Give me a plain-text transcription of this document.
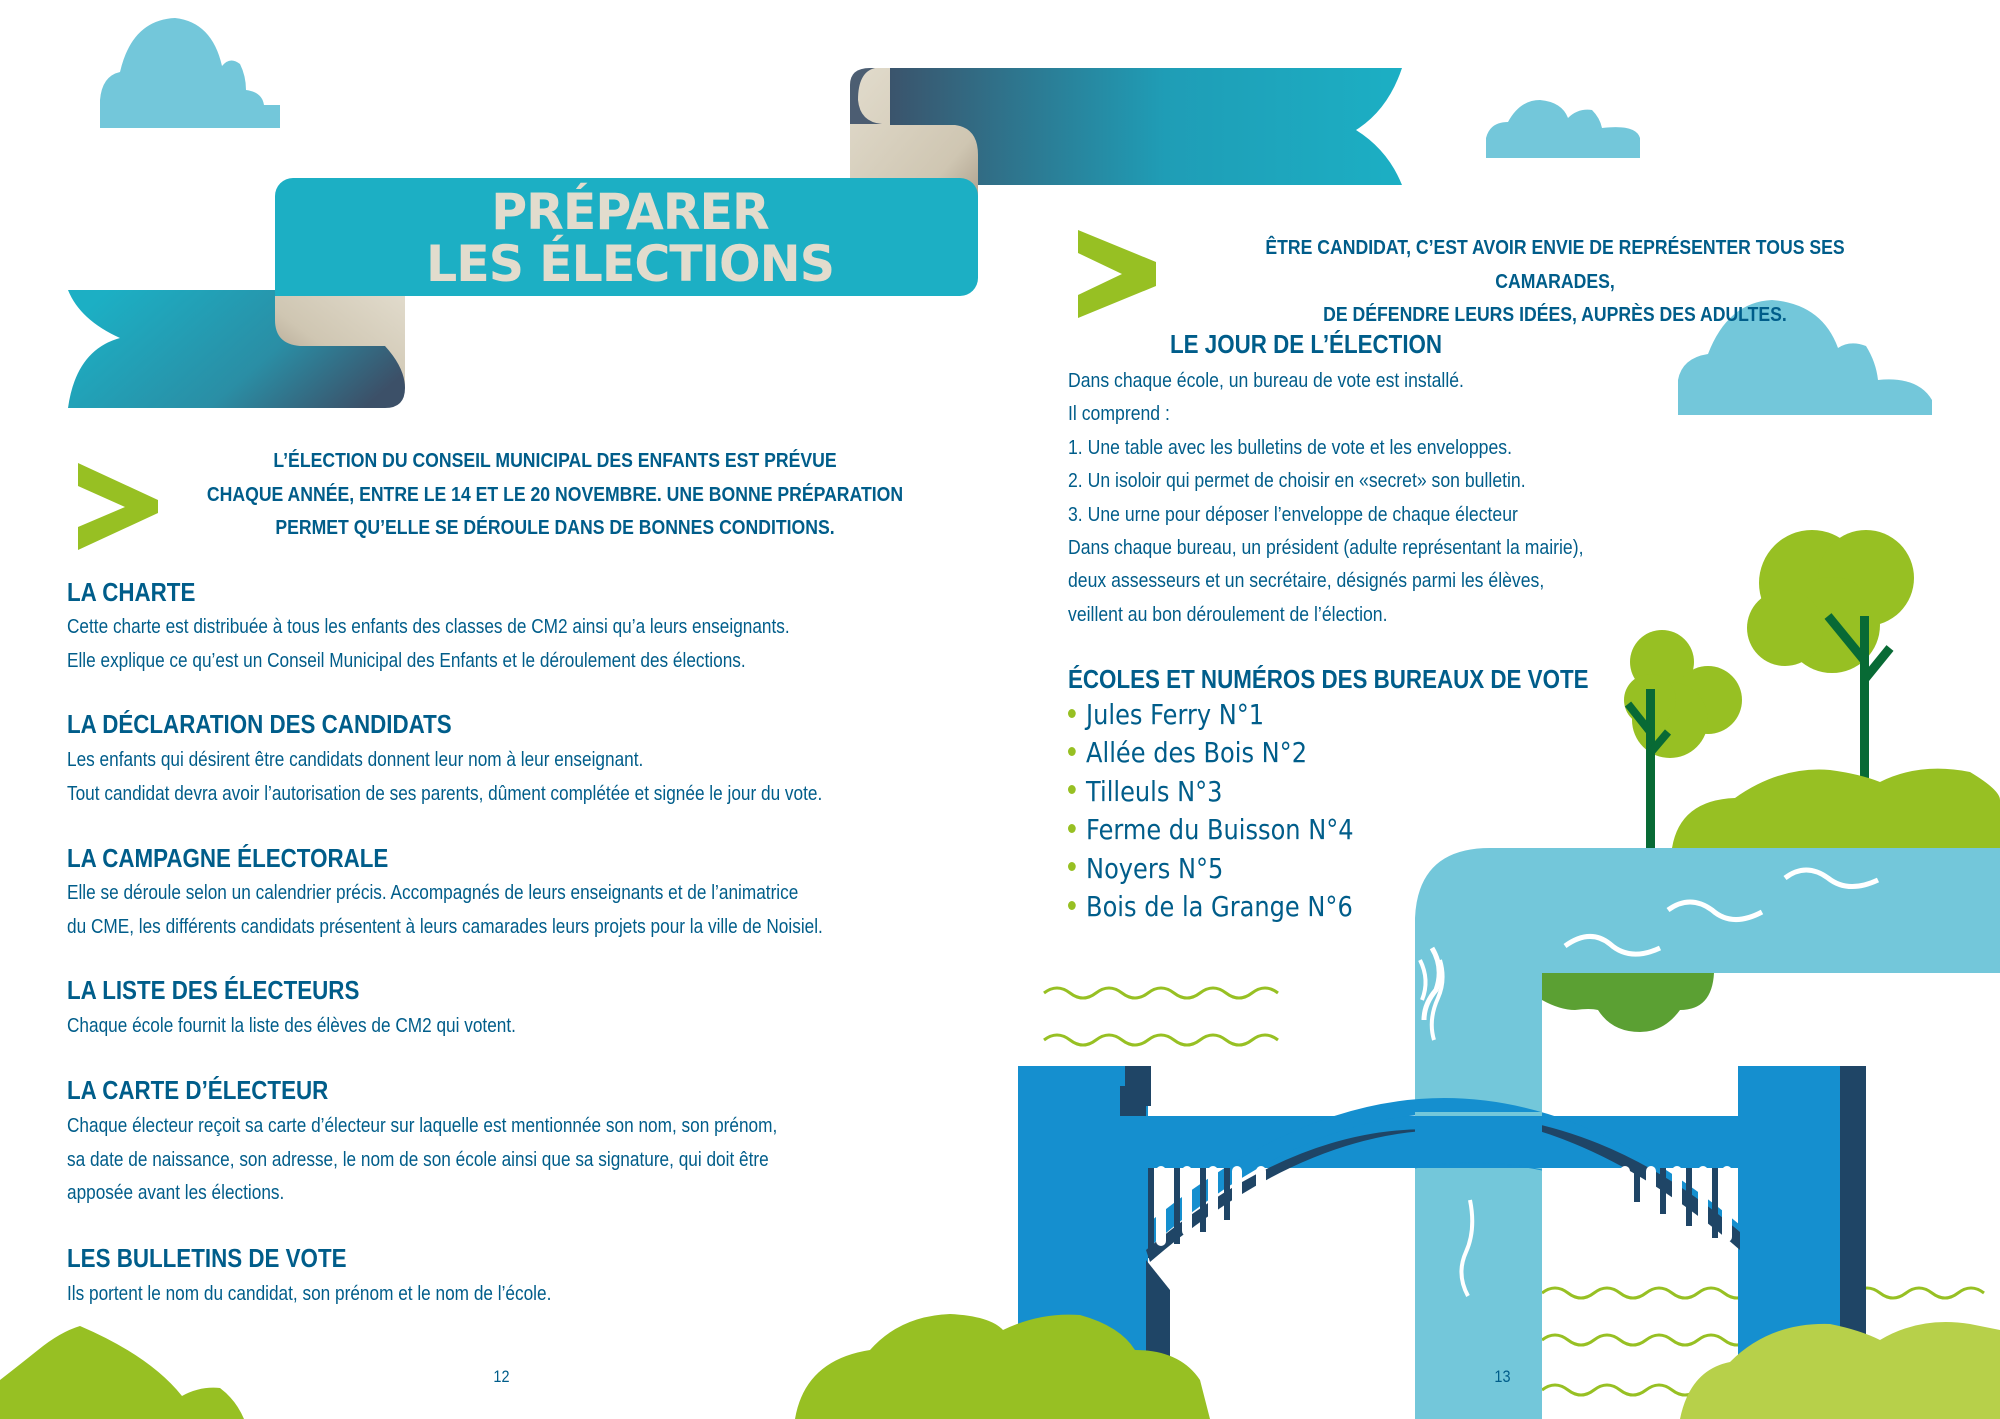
PRÉPARER
LES ÉLECTIONS
L’ÉLECTION DU CONSEIL MUNICIPAL DES ENFANTS EST PRÉVUE
CHAQUE ANNÉE, ENTRE LE 14 ET LE 20 NOVEMBRE. UNE BONNE PRÉPARATION
PERMET QU’ELLE SE DÉROULE DANS DE BONNES CONDITIONS.
LA CHARTE
Cette charte est distribuée à tous les enfants des classes de CM2 ainsi qu’a leurs enseignants.
Elle explique ce qu’est un Conseil Municipal des Enfants et le déroulement des élections.
LA DÉCLARATION DES CANDIDATS
Les enfants qui désirent être candidats donnent leur nom à leur enseignant.
Tout candidat devra avoir l’autorisation de ses parents, dûment complétée et signée le jour du vote.
LA CAMPAGNE ÉLECTORALE
Elle se déroule selon un calendrier précis. Accompagnés de leurs enseignants et de l’animatrice
du CME, les différents candidats présentent à leurs camarades leurs projets pour la ville de Noisiel.
LA LISTE DES ÉLECTEURS
Chaque école fournit la liste des élèves de CM2 qui votent.
LA CARTE D’ÉLECTEUR
Chaque électeur reçoit sa carte d’électeur sur laquelle est mentionnée son nom, son prénom,
sa date de naissance, son adresse, le nom de son école ainsi que sa signature, qui doit être
apposée avant les élections.
LES BULLETINS DE VOTE
Ils portent le nom du candidat, son prénom et le nom de l’école.
12
ÊTRE CANDIDAT, C’EST AVOIR ENVIE DE REPRÉSENTER TOUS SES CAMARADES,
DE DÉFENDRE LEURS IDÉES, AUPRÈS DES ADULTES.
LE JOUR DE L’ÉLECTION
Dans chaque école, un bureau de vote est installé.
Il comprend :
1. Une table avec les bulletins de vote et les enveloppes.
2. Un isoloir qui permet de choisir en «secret» son bulletin.
3. Une urne pour déposer l’enveloppe de chaque électeur
Dans chaque bureau, un président (adulte représentant la mairie),
deux assesseurs et un secrétaire, désignés parmi les élèves,
veillent au bon déroulement de l’élection.
ÉCOLES ET NUMÉROS DES BUREAUX DE VOTE
Jules Ferry N°1
Allée des Bois N°2
Tilleuls N°3
Ferme du Buisson N°4
Noyers N°5
Bois de la Grange N°6
13
